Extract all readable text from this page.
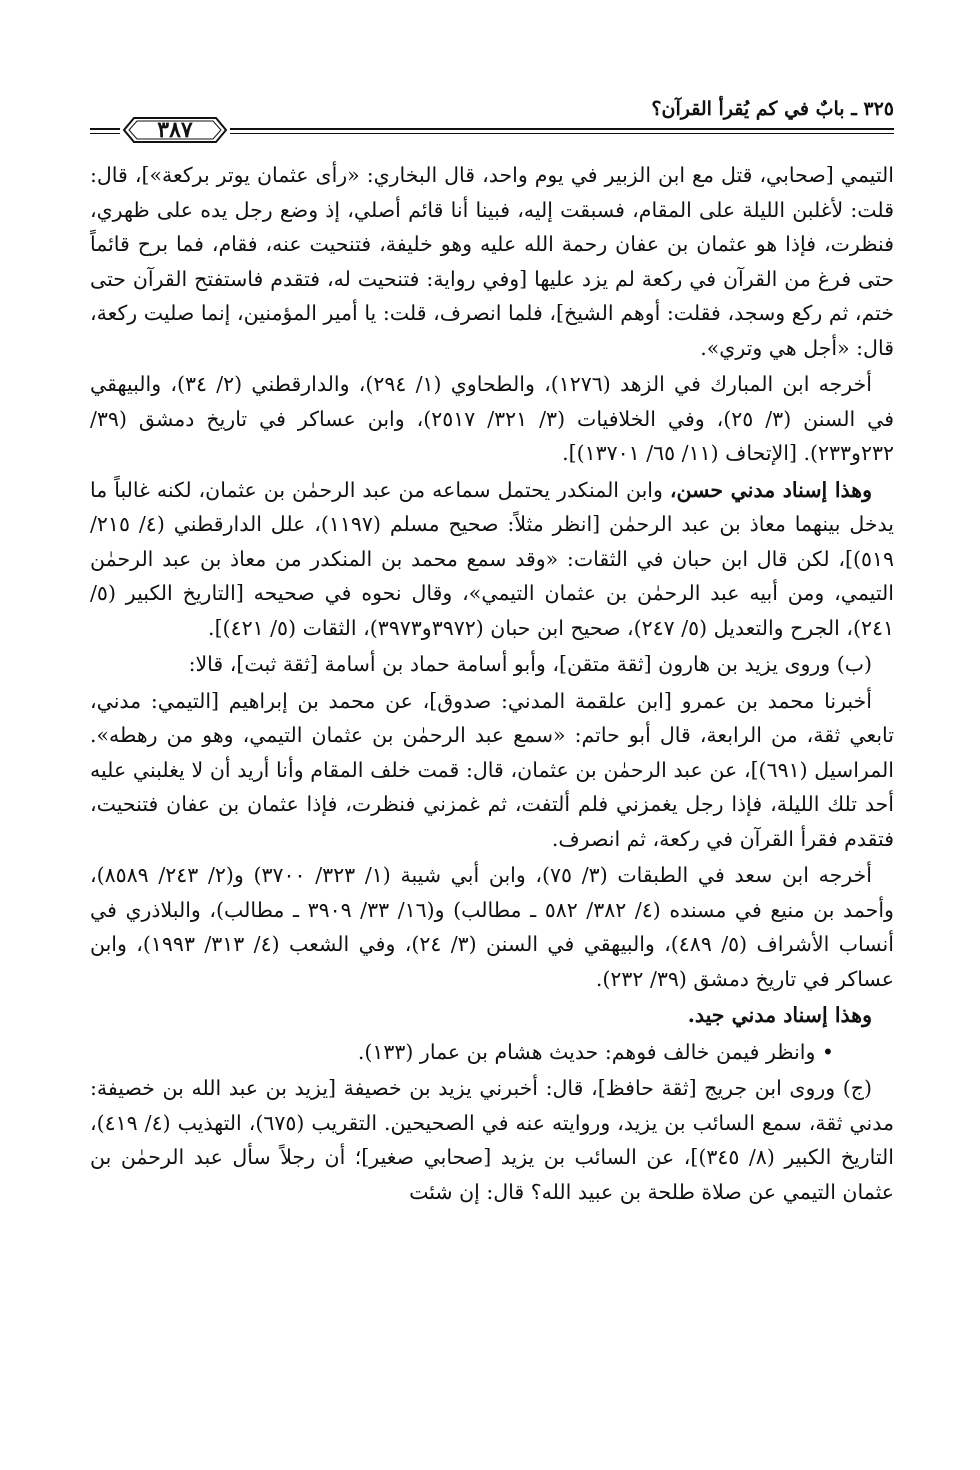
٣٢٥ ـ بابٌ في كم يُقرأ القرآن؟
٣٨٧

التيمي [صحابي، قتل مع ابن الزبير في يوم واحد، قال البخاري: «رأى عثمان يوتر بركعة»]، قال: قلت: لأغلبن الليلة على المقام، فسبقت إليه، فبينا أنا قائم أصلي، إذ وضع رجل يده على ظهري، فنظرت، فإذا هو عثمان بن عفان رحمة الله عليه وهو خليفة، فتنحيت عنه، فقام، فما برح قائماً حتى فرغ من القرآن في ركعة لم يزد عليها [وفي رواية: فتنحيت له، فتقدم فاستفتح القرآن حتى ختم، ثم ركع وسجد، فقلت: أوهم الشيخ]، فلما انصرف، قلت: يا أمير المؤمنين، إنما صليت ركعة، قال: «أجل هي وتري».

أخرجه ابن المبارك في الزهد (١٢٧٦)، والطحاوي (١/ ٢٩٤)، والدارقطني (٢/ ٣٤)، والبيهقي في السنن (٣/ ٢٥)، وفي الخلافيات (٣/ ٣٢١/ ٢٥١٧)، وابن عساكر في تاريخ دمشق (٣٩/ ٢٣٢و٢٣٣). [الإتحاف (١١/ ٦٥/ ١٣٧٠١)].

وهذا إسناد مدني حسن، وابن المنكدر يحتمل سماعه من عبد الرحمٰن بن عثمان، لكنه غالباً ما يدخل بينهما معاذ بن عبد الرحمٰن [انظر مثلاً: صحيح مسلم (١١٩٧)، علل الدارقطني (٤/ ٢١٥/ ٥١٩)]، لكن قال ابن حبان في الثقات: «وقد سمع محمد بن المنكدر من معاذ بن عبد الرحمٰن التيمي، ومن أبيه عبد الرحمٰن بن عثمان التيمي»، وقال نحوه في صحيحه [التاريخ الكبير (٥/ ٢٤١)، الجرح والتعديل (٥/ ٢٤٧)، صحيح ابن حبان (٣٩٧٢و٣٩٧٣)، الثقات (٥/ ٤٢١)].

(ب) وروى يزيد بن هارون [ثقة متقن]، وأبو أسامة حماد بن أسامة [ثقة ثبت]، قالا:

أخبرنا محمد بن عمرو [ابن علقمة المدني: صدوق]، عن محمد بن إبراهيم [التيمي: مدني، تابعي ثقة، من الرابعة، قال أبو حاتم: «سمع عبد الرحمٰن بن عثمان التيمي، وهو من رهطه». المراسيل (٦٩١)]، عن عبد الرحمٰن بن عثمان، قال: قمت خلف المقام وأنا أريد أن لا يغلبني عليه أحد تلك الليلة، فإذا رجل يغمزني فلم ألتفت، ثم غمزني فنظرت، فإذا عثمان بن عفان فتنحيت، فتقدم فقرأ القرآن في ركعة، ثم انصرف.

أخرجه ابن سعد في الطبقات (٣/ ٧٥)، وابن أبي شيبة (١/ ٣٢٣/ ٣٧٠٠) و(٢/ ٢٤٣/ ٨٥٨٩)، وأحمد بن منيع في مسنده (٤/ ٣٨٢/ ٥٨٢ ـ مطالب) و(١٦/ ٣٣/ ٣٩٠٩ ـ مطالب)، والبلاذري في أنساب الأشراف (٥/ ٤٨٩)، والبيهقي في السنن (٣/ ٢٤)، وفي الشعب (٤/ ٣١٣/ ١٩٩٣)، وابن عساكر في تاريخ دمشق (٣٩/ ٢٣٢).

وهذا إسناد مدني جيد.

• وانظر فيمن خالف فوهم: حديث هشام بن عمار (١٣٣).

(ج) وروى ابن جريج [ثقة حافظ]، قال: أخبرني يزيد بن خصيفة [يزيد بن عبد الله بن خصيفة: مدني ثقة، سمع السائب بن يزيد، وروايته عنه في الصحيحين. التقريب (٦٧٥)، التهذيب (٤/ ٤١٩)، التاريخ الكبير (٨/ ٣٤٥)]، عن السائب بن يزيد [صحابي صغير]؛ أن رجلاً سأل عبد الرحمٰن بن عثمان التيمي عن صلاة طلحة بن عبيد الله؟ قال: إن شئت
